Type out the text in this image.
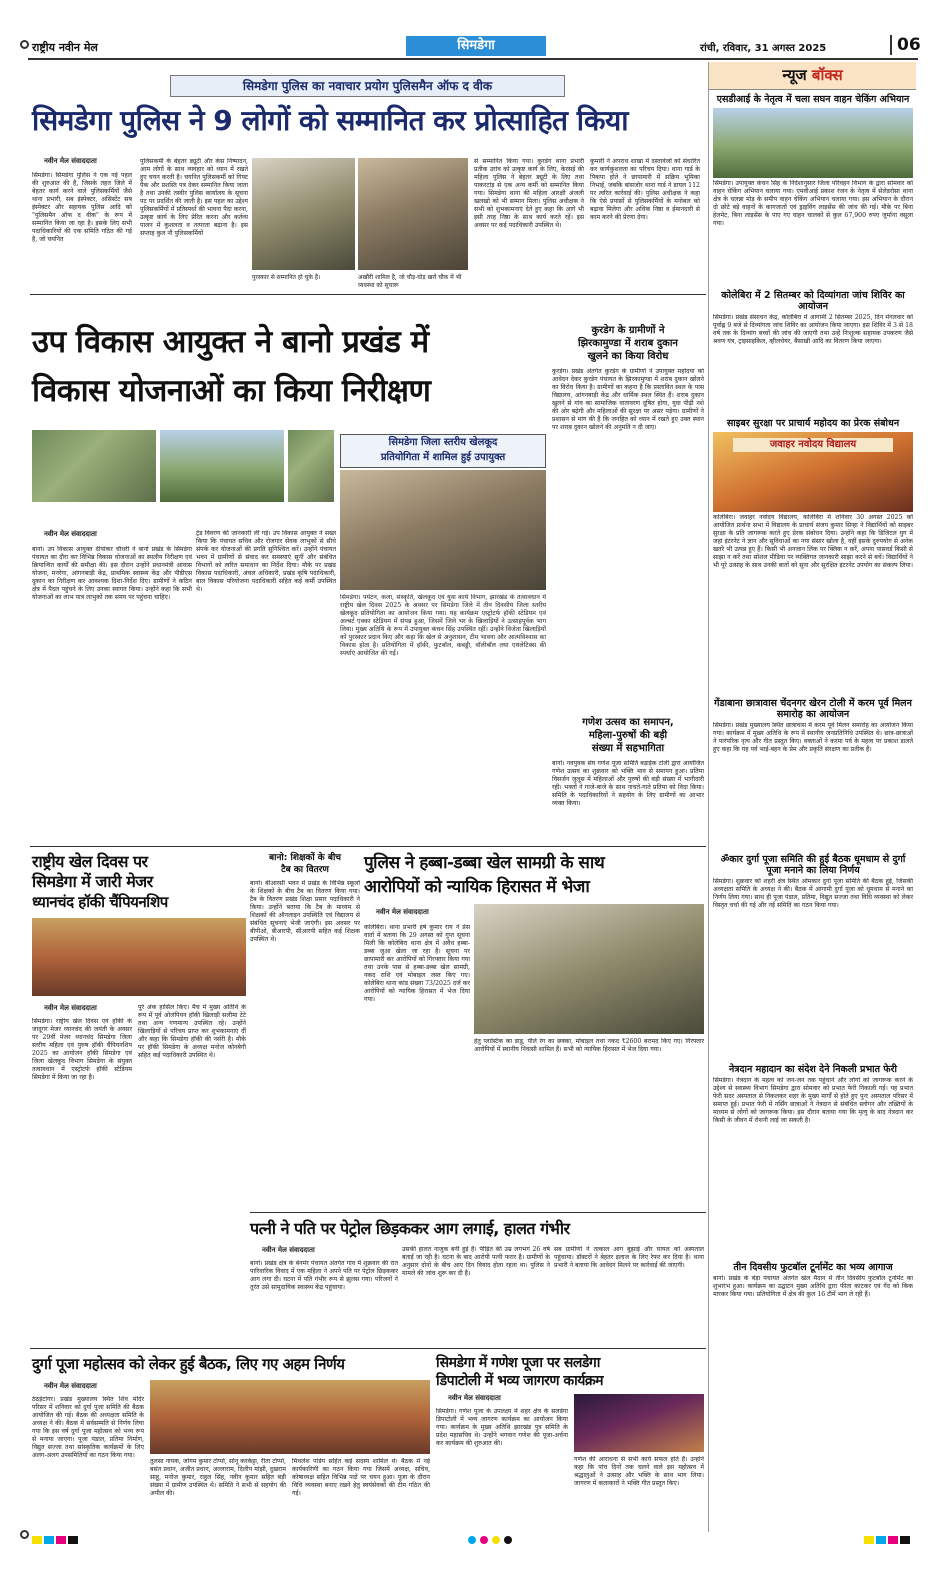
राष्ट्रीय नवीन मेल	सिमडेगा	रांची, रविवार, 31 अगस्त 2025	06
सिमडेगा पुलिस का नवाचार प्रयोग पुलिसमैन ऑफ द वीक
सिमडेगा पुलिस ने 9 लोगों को सम्मानित कर प्रोत्साहित किया
नवीन मेल संवाददाता
सिमडेगा। सिमडेगा पुलिस ने एक नई पहल की शुरुआत की है, जिसके तहत जिले में बेहतर कार्य करने वाले पुलिसकर्मियों जैसे थाना प्रभारी, सब इंस्पेक्टर, असिस्टेंट सब इंस्पेक्टर और सहायक पुलिस आदि को "पुलिसमैन ऑफ द वीक" के रूप में सम्मानित किया जा रहा है। इसके लिए सभी पदाधिकारियों की एक समिति गठित की गई है, जो चयनित
पुलिसकर्मी के बेहतर ड्यूटी और केस निष्पादन, आम लोगों के साथ व्यवहार को ध्यान में रखते हुए चयन करती है। चयनित पुलिसकर्मी को गिफ्ट पैक और प्रशस्ति पत्र देकर सम्मानित किया जाता है तथा उनकी तस्वीर पुलिस कार्यालय के सूचना पट पर प्रदर्शित की जाती है। इस पहल का उद्देश्य पुलिसकर्मियों में प्रतिस्पर्धा की भावना पैदा करना, उत्कृष्ट कार्य के लिए प्रेरित करना और कर्तव्य पालन में कुशलता व तत्परता बढ़ाना है। इस सप्ताह कुल नौ पुलिसकर्मियों
पुरस्कार से सम्मानित हो चुके हैं।	अखौरी शामिल हैं, जो चौड़-घोड़ खरों चौक में भी व्यवस्था को सुचारू
से सम्मानित किया गया। कुरडेग थाना प्रभारी प्रतीक उरांव को उत्कृष्ट कार्य के लिए, केरसई की महिला पुलिस ने बेहतर ड्यूटी के लिए तथा पाकरटांड़ से एक अन्य कर्मी को सम्मानित किया गया। सिमडेगा थाना की महिला आरक्षी अंजली खलखो को भी सम्मान मिला। पुलिस अधीक्षक ने सभी को शुभकामनाएं देते हुए कहा कि आगे भी इसी तरह निष्ठा के साथ कार्य करते रहें। इस अवसर पर कई पदाधिकारी उपस्थित थे।
कुमारी ने अपराध शाखा में दस्तावेजों को संधारित कर कार्यकुशलता का परिचय दिया। थाना गार्ड के पिकपा होते ने छापामारी में सक्रिय भूमिका निभाई, जबकि बांसजोर थाना गार्ड ने डायल 112 पर त्वरित कार्रवाई की। पुलिस अधीक्षक ने कहा कि ऐसे प्रयासों से पुलिसकर्मियों के मनोबल को बढ़ावा मिलेगा और अधिक निष्ठा व ईमानदारी से काम करने की प्रेरणा देगा।
न्यूज बॉक्स
एसडीआई के नेतृत्व में चला सघन वाहन चेकिंग अभियान
सिमडेगा। उपायुक्त कंचन सिंह के निर्देशानुसार जिला परिवहन विभाग के द्वारा सोमवार को वाहन चेकिंग अभियान चलाया गया। एमवीआई प्रकाश रंजन के नेतृत्व में सेलेडरोसा थाना क्षेत्र के चलन्ना मोड़ के समीप वाहन चेकिंग अभियान चलाया गया। इस अभियान के दौरान दो छोटे बड़े वाहनों के कागजातों एवं ड्राइविंग लाइसेंस की जांच की गई। मौके पर बिना हेलमेट, बिना लाइसेंस के पाए गए वाहन चालकों से कुल 67,900 रुपए जुर्माना वसूला गया।
कोलेबिरा में 2 सितम्बर को दिव्यांगता जांच शिविर का आयोजन
सिमडेगा। प्रखंड संसाधन केंद्र, कोलेबिरा में आगामी 2 सितम्बर 2025, दिन मंगलवार को पूर्वाह्न 9 बजे से दिव्यांगता जांच शिविर का आयोजन किया जाएगा। इस शिविर में 3 से 18 वर्ष तक के दिव्यांग बच्चों की जांच की जाएगी तथा उन्हें निःशुल्क सहायक उपकरण जैसे श्रवण यंत्र, ट्राइसाइकिल, व्हीलचेयर, बैसाखी आदि का वितरण किया जाएगा।
साइबर सुरक्षा पर प्राचार्य महोदय का प्रेरक संबोधन
जवाहर नवोदय विद्यालय
कोलेबिरा। जवाहर नवोदय विद्यालय, कोलेबिरा में शनिवार 30 अगस्त 2025 को आयोजित प्रार्थना सभा में विद्यालय के प्राचार्य संजय कुमार सिन्हा ने विद्यार्थियों को साइबर सुरक्षा के प्रति जागरूक करते हुए प्रेरक संबोधन दिया। उन्होंने कहा कि डिजिटल युग में जहां इंटरनेट ने ज्ञान और सुविधाओं का नया संसार खोला है, वहीं इसके दुरुपयोग से अनेक खतरे भी उत्पन्न हुए हैं। किसी भी अनजान लिंक पर क्लिक न करें, अपना पासवर्ड किसी से साझा न करें तथा सोशल मीडिया पर व्यक्तिगत जानकारी साझा करने से बचें। विद्यार्थियों ने भी पूरे उत्साह के साथ उनकी बातों को सुना और सुरक्षित इंटरनेट उपयोग का संकल्प लिया।
गेंडाबाना छात्रावास चेंदनगर खेरन टोली में करम पूर्व मिलन समारोह का आयोजन
सिमडेगा। प्रखंड मुख्यालय स्थित छात्रावास में करम पूर्व मिलन समारोह का आयोजन किया गया। कार्यक्रम में मुख्य अतिथि के रूप में स्थानीय जनप्रतिनिधि उपस्थित थे। छात्र-छात्राओं ने पारंपरिक नृत्य और गीत प्रस्तुत किए। वक्ताओं ने करमा पर्व के महत्व पर प्रकाश डालते हुए कहा कि यह पर्व भाई-बहन के प्रेम और प्रकृति संरक्षण का प्रतीक है।
ॐकार दुर्गा पूजा समिति की हुई बैठक धूमधाम से दुर्गा पूजा मनाने का लिया निर्णय
सिमडेगा। शुक्रवार को शहरी क्षेत्र स्थित ओमकार दुर्गा पूजा समिति की बैठक हुई, जिसकी अध्यक्षता समिति के अध्यक्ष ने की। बैठक में आगामी दुर्गा पूजा को धूमधाम से मनाने का निर्णय लिया गया। साथ ही पूजा पंडाल, प्रतिमा, विद्युत सज्जा तथा विधि व्यवस्था को लेकर विस्तृत चर्चा की गई और नई समिति का गठन किया गया।
नेत्रदान महादान का संदेश देने निकली प्रभात फेरी
सिमडेगा। नेत्रदान के महत्व को जन-जन तक पहुंचाने और लोगों को जागरूक करने के उद्देश्य से स्वास्थ्य विभाग सिमडेगा द्वारा सोमवार को प्रभात फेरी निकाली गई। यह प्रभात फेरी सदर अस्पताल से निकलकर शहर के मुख्य मार्गों से होते हुए पुनः अस्पताल परिसर में समाप्त हुई। प्रभात फेरी में नर्सिंग छात्राओं ने नेत्रदान से संबंधित स्लोगन और तख्तियों के माध्यम से लोगों को जागरूक किया। इस दौरान बताया गया कि मृत्यु के बाद नेत्रदान कर किसी के जीवन में रोशनी लाई जा सकती है।
तीन दिवसीय फुटबॉल टूर्नामेंट का भव्य आगाज
बानो। प्रखंड के बेड़ा पंचायत अंतर्गत खेल मैदान में तीन दिवसीय फुटबॉल टूर्नामेंट का शुभारंभ हुआ। कार्यक्रम का उद्घाटन मुख्य अतिथि द्वारा फीता काटकर एवं गेंद को किक मारकर किया गया। प्रतियोगिता में क्षेत्र की कुल 16 टीमें भाग ले रही हैं।
उप विकास आयुक्त ने बानो प्रखंड में
विकास योजनाओं का किया निरीक्षण
नवीन मेल संवाददाता
बानो। उप विकास आयुक्त दीपांकर चौधरी ने बानो प्रखंड के सिमडेगा पंचायत का दौरा कर विभिन्न विकास योजनाओं का स्थलीय निरीक्षण एवं क्रियान्वित कार्यों की समीक्षा की। इस दौरान उन्होंने प्रधानमंत्री आवास योजना, मनरेगा, आंगनबाड़ी केंद्र, प्राथमिक स्वास्थ्य केंद्र और पीडीएस दुकान का निरीक्षण कर आवश्यक दिशा-निर्देश दिए। ग्रामीणों ने कठिन क्षेत्र में पैदल पहुंचने के लिए उनका स्वागत किया। उन्होंने कहा कि सभी योजनाओं का लाभ पात्र लाभुकों तक समय पर पहुंचना चाहिए।
ट्रेंड विवरण की जानकारी ली गई। उप विकास आयुक्त ने सख्त किया कि पंचायत सचिव और रोजगार सेवक लाभुकों से सीधे संपर्क कर योजनाओं की प्रगति सुनिश्चित करें। उन्होंने पंचायत भवन में ग्रामीणों से संवाद कर समस्याएं सुनीं और संबंधित विभागों को त्वरित समाधान का निर्देश दिया। मौके पर प्रखंड विकास पदाधिकारी, अंचल अधिकारी, प्रखंड कृषि पदाधिकारी, बाल विकास परियोजना पदाधिकारी सहित कई कर्मी उपस्थित थे।
सिमडेगा जिला स्तरीय खेलकूद
प्रतियोगिता में शामिल हुई उपायुक्त
सिमडेगा। पर्यटन, कला, संस्कृति, खेलकूद एवं युवा कार्य विभाग, झारखंड के तत्वावधान में राष्ट्रीय खेल दिवस 2025 के अवसर पर सिमडेगा जिले में तीन दिवसीय जिला स्तरीय खेलकूद प्रतियोगिता का आयोजन किया गया। यह कार्यक्रम एस्ट्रोटर्फ हॉकी स्टेडियम एवं अल्बर्ट एक्का स्टेडियम में संपन्न हुआ, जिसमें जिले भर के खिलाड़ियों ने उत्साहपूर्वक भाग लिया। मुख्य अतिथि के रूप में उपायुक्त कंचन सिंह उपस्थित रहीं। उन्होंने विजेता खिलाड़ियों को पुरस्कार प्रदान किए और कहा कि खेल से अनुशासन, टीम भावना और आत्मविश्वास का विकास होता है। प्रतियोगिता में हॉकी, फुटबॉल, कबड्डी, वॉलीबॉल तथा एथलेटिक्स की स्पर्धाएं आयोजित की गईं।
कुरडेग के ग्रामीणों ने
झिरकामुण्डा में शराब दुकान
खुलने का किया विरोध
कुरडेग। प्रखंड अंतर्गत कुरडेग के ग्रामीणों ने उपायुक्त महोदया को आवेदन देकर कुरडेग पंचायत के झिरकामुण्डा में शराब दुकान खोलने का विरोध किया है। ग्रामीणों का कहना है कि प्रस्तावित स्थल के पास विद्यालय, आंगनबाड़ी केंद्र और धार्मिक स्थल स्थित हैं। शराब दुकान खुलने से गांव का सामाजिक वातावरण दूषित होगा, युवा पीढ़ी नशे की ओर बढ़ेगी और महिलाओं की सुरक्षा पर असर पड़ेगा। ग्रामीणों ने प्रशासन से मांग की है कि जनहित को ध्यान में रखते हुए उक्त स्थान पर शराब दुकान खोलने की अनुमति न दी जाए।
गणेश उत्सव का समापन,
महिला-पुरुषों की बड़ी
संख्या में सहभागिता
बानो। नवयुवक संघ गणेश पूजा समिति बड़ाईक टोली द्वारा आयोजित गणेश उत्सव का शुक्रवार को भक्ति भाव से समापन हुआ। प्रतिमा विसर्जन जुलूस में महिलाओं और पुरुषों की बड़ी संख्या में भागीदारी रही। भक्तों ने गाजे-बाजे के साथ नाचते-गाते प्रतिमा को विदा किया। समिति के पदाधिकारियों ने सहयोग के लिए ग्रामीणों का आभार व्यक्त किया।
राष्ट्रीय खेल दिवस पर
सिमडेगा में जारी मेजर
ध्यानचंद हॉकी चैंपियनशिप
नवीन मेल संवाददाता
सिमडेगा। राष्ट्रीय खेल दिवस एवं हॉकी के जादूगर मेजर ध्यानचंद की जयंती के अवसर पर 29वीं मेजर ध्यानचंद सिमडेगा जिला स्तरीय महिला एवं पुरुष हॉकी चैंपियनशिप 2025 का आयोजन हॉकी सिमडेगा एवं जिला खेलकूद विभाग सिमडेगा के संयुक्त तत्वावधान में एस्ट्रोटर्फ हॉकी स्टेडियम सिमडेगा में किया जा रहा है।
पूरे अंक हासिल किए। मैच में मुख्य अतिथि के रूप में पूर्व ओलंपियन हॉकी खिलाड़ी सलीमा टेटे तथा अन्य गणमान्य उपस्थित रहे। उन्होंने खिलाड़ियों से परिचय प्राप्त कर शुभकामनाएं दीं और कहा कि सिमडेगा हॉकी की नर्सरी है। मौके पर हॉकी सिमडेगा के अध्यक्ष मनोज कोनबेगी सहित कई पदाधिकारी उपस्थित थे।
बानो: शिक्षकों के बीच
टैब का वितरण
बानो। बीआरसी भवन में प्रखंड के विभिन्न स्कूलों के शिक्षकों के बीच टैब का वितरण किया गया। टैब के वितरण प्रखंड शिक्षा प्रसार पदाधिकारी ने किया। उन्होंने बताया कि टैब के माध्यम से शिक्षकों की ऑनलाइन उपस्थिति एवं विद्यालय से संबंधित सूचनाएं भेजी जाएंगी। इस अवसर पर बीपीओ, बीआरपी, सीआरपी सहित कई शिक्षक उपस्थित थे।
पुलिस ने हब्बा-डब्बा खेल सामग्री के साथ
आरोपियों को न्यायिक हिरासत में भेजा
नवीन मेल संवाददाता
कोलेबिरा। थाना प्रभारी हर्ष कुमार राय ने प्रेस वार्ता में बताया कि 29 अगस्त को गुप्त सूचना मिली कि कोलेबिरा थाना क्षेत्र में अवैध हब्बा-डब्बा जुआ खेला जा रहा है। सूचना पर छापामारी कर आरोपियों को गिरफ्तार किया गया तथा उनके पास से हब्बा-डब्बा खेल सामग्री, नकद राशि एवं मोबाइल जब्त किए गए। कोलेबिरा थाना कांड संख्या 73/2025 दर्ज कर आरोपियों को न्यायिक हिरासत में भेज दिया गया।
हेतु प्लास्टिक का डाडु, पीले रंग का छक्का, मोबाइल तथा नकद ₹2600 बरामद किए गए। गिरफ्तार आरोपियों में स्थानीय निवासी शामिल हैं। सभी को न्यायिक हिरासत में भेज दिया गया।
पत्नी ने पति पर पेट्रोल छिड़ककर आग लगाई, हालत गंभीर
नवीन मेल संवाददाता
बानो। प्रखंड क्षेत्र के बेनमेर पंचायत अंतर्गत गांव में शुक्रवार की रात पारिवारिक विवाद में एक महिला ने अपने पति पर पेट्रोल छिड़ककर आग लगा दी। घटना में पति गंभीर रूप से झुलस गया। परिजनों ने तुरंत उसे सामुदायिक स्वास्थ्य केंद्र पहुंचाया।
उसकी हालत नाजुक बनी हुई है। पीड़ित की उम्र लगभग 26 वर्ष बताई जा रही है। घटना के बाद आरोपी पत्नी फरार है। ग्रामीणों के अनुसार दोनों के बीच आए दिन विवाद होता रहता था। पुलिस ने मामले की जांच शुरू कर दी है।
सब ग्रामीणों ने तत्काल आग बुझाई और घायल को अस्पताल पहुंचाया। डॉक्टरों ने बेहतर इलाज के लिए रेफर कर दिया है। थाना प्रभारी ने बताया कि आवेदन मिलने पर कार्रवाई की जाएगी।
दुर्गा पूजा महोत्सव को लेकर हुई बैठक, लिए गए अहम निर्णय
नवीन मेल संवाददाता
ठेठईटांगर। प्रखंड मुख्यालय स्थित शिव मंदिर परिसर में शनिवार को दुर्गा पूजा समिति की बैठक आयोजित की गई। बैठक की अध्यक्षता समिति के अध्यक्ष ने की। बैठक में सर्वसम्मति से निर्णय लिया गया कि इस वर्ष दुर्गा पूजा महोत्सव को भव्य रूप से मनाया जाएगा। पूजा पंडाल, प्रतिमा निर्माण, विद्युत सज्जा तथा सांस्कृतिक कार्यक्रमों के लिए अलग-अलग उपसमितियों का गठन किया गया।
तुलसा नायक, जोगम कुमार टोप्पो, सोनू करकेट्टा, रीता टोप्पो, बसंत प्रधान, अजीत प्रधान, अल्लाराम, दिलीप मांझी, दुखराम साहू, मनोज कुमार, राहुल सिंह, नवीन कुमार सहित बड़ी संख्या में ग्रामीण उपस्थित थे। समिति ने सभी से सहयोग की अपील की।
मिथलेश पांडेय सहित कई सदस्य शामिल थे। बैठक में नई कार्यकारिणी का गठन किया गया जिसमें अध्यक्ष, सचिव, कोषाध्यक्ष सहित विभिन्न पदों पर चयन हुआ। पूजा के दौरान विधि व्यवस्था बनाए रखने हेतु स्वयंसेवकों की टीम गठित की गई।
सिमडेगा में गणेश पूजा पर सलडेगा
डिपाटोली में भव्य जागरण कार्यक्रम
नवीन मेल संवाददाता
सिमडेगा। गणेश पूजा के उपलक्ष्य में शहर क्षेत्र के सलडेगा डिपाटोली में भव्य जागरण कार्यक्रम का आयोजन किया गया। कार्यक्रम के मुख्य अतिथि झारखंड पुत्र समिति के प्रदेश महासचिव थे। उन्होंने भगवान गणेश की पूजा-अर्चना कर कार्यक्रम की शुरुआत की।
गणेश की आराधना से सभी कार्य सफल होते हैं। उन्होंने कहा कि पांच दिनों तक चलने वाले इस महोत्सव में श्रद्धालुओं ने उत्साह और भक्ति के साथ भाग लिया। जागरण में कलाकारों ने भक्ति गीत प्रस्तुत किए।
